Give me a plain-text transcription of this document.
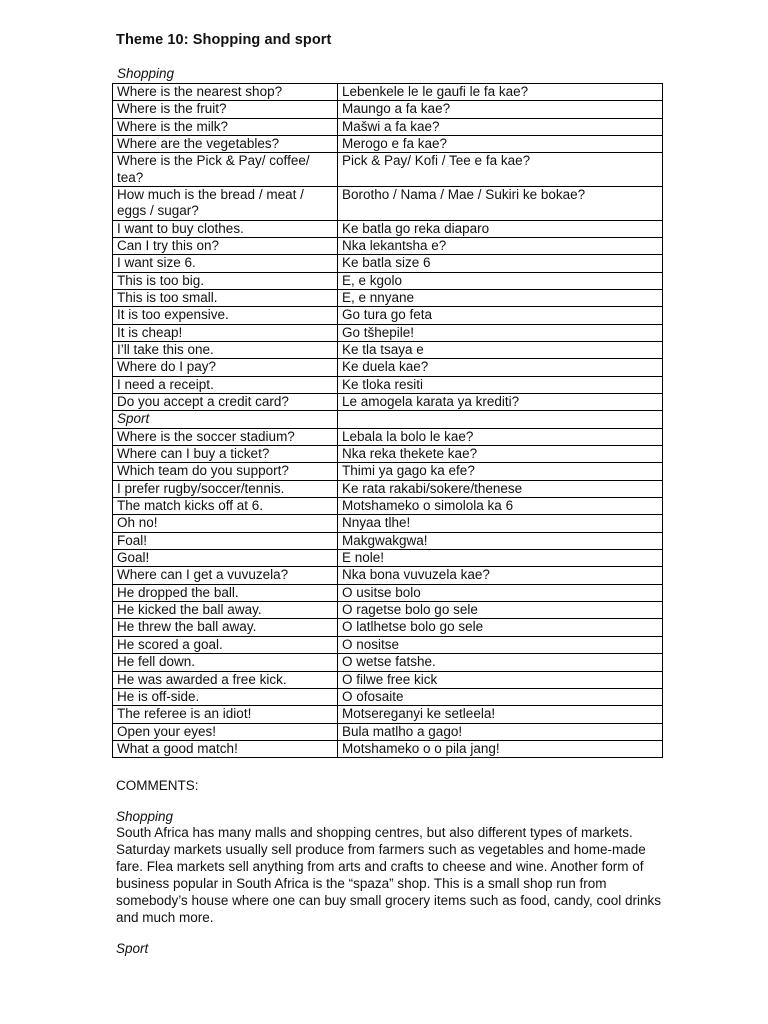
Theme 10: Shopping and sport
Shopping
Where is the nearest shop?	Lebenkele le le gaufi le fa kae?
Where is the fruit?	Maungo a fa kae?
Where is the milk?	Mašwi a fa kae?
Where are the vegetables?	Merogo e fa kae?
Where is the Pick & Pay/ coffee/ tea?	Pick & Pay/ Kofi / Tee e fa kae?
How much is the bread / meat / eggs / sugar?	Borotho / Nama / Mae / Sukiri ke bokae?
I want to buy clothes.	Ke batla go reka diaparo
Can I try this on?	Nka lekantsha e?
I want size 6.	Ke batla size 6
This is too big.	E, e kgolo
This is too small.	E, e nnyane
It is too expensive.	Go tura go feta
It is cheap!	Go tšhepile!
I’ll take this one.	Ke tla tsaya e
Where do I pay?	Ke duela kae?
I need a receipt.	Ke tloka resiti
Do you accept a credit card?	Le amogela karata ya krediti?
Sport	
Where is the soccer stadium?	Lebala la bolo le kae?
Where can I buy a ticket?	Nka reka thekete kae?
Which team do you support?	Thimi ya gago ka efe?
I prefer rugby/soccer/tennis.	Ke rata rakabi/sokere/thenese
The match kicks off at 6.	Motshameko o simolola ka 6
Oh no!	Nnyaa tlhe!
Foal!	Makgwakgwa!
Goal!	E nole!
Where can I get a vuvuzela?	Nka bona vuvuzela kae?
He dropped the ball.	O usitse bolo
He kicked the ball away.	O ragetse bolo go sele
He threw the ball away.	O latlhetse bolo go sele
He scored a goal.	O nositse
He fell down.	O wetse fatshe.
He was awarded a free kick.	O filwe free kick
He is off-side.	O ofosaite
The referee is an idiot!	Motsereganyi ke setleela!
Open your eyes!	Bula matlho a gago!
What a good match!	Motshameko o o pila jang!
COMMENTS:
Shopping

South Africa has many malls and shopping centres, but also different types of markets. Saturday markets usually sell produce from farmers such as vegetables and home-made fare. Flea markets sell anything from arts and crafts to cheese and wine. Another form of business popular in South Africa is the “spaza” shop. This is a small shop run from somebody’s house where one can buy small grocery items such as food, candy, cool drinks and much more.

Sport
